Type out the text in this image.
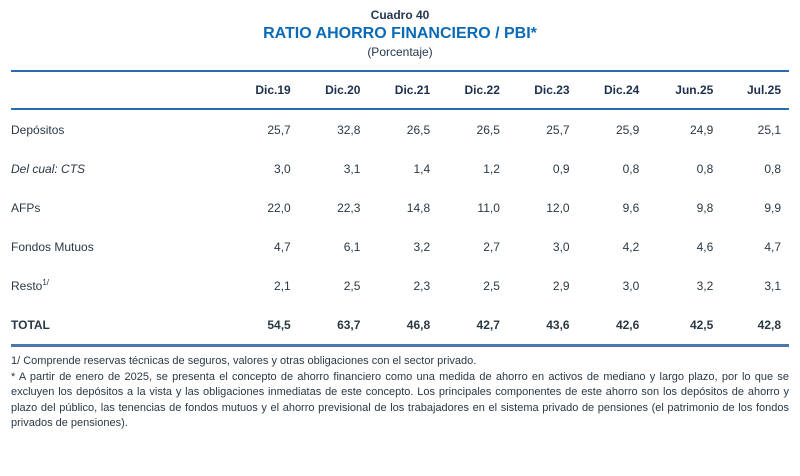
Cuadro 40
RATIO AHORRO FINANCIERO / PBI*
(Porcentaje)
	Dic.19	Dic.20	Dic.21	Dic.22	Dic.23	Dic.24	Jun.25	Jul.25
Depósitos	25,7	32,8	26,5	26,5	25,7	25,9	24,9	25,1
Del cual: CTS	3,0	3,1	1,4	1,2	0,9	0,8	0,8	0,8
AFPs	22,0	22,3	14,8	11,0	12,0	9,6	9,8	9,9
Fondos Mutuos	4,7	6,1	3,2	2,7	3,0	4,2	4,6	4,7
Resto$^{1/}$	2,1	2,5	2,3	2,5	2,9	3,0	3,2	3,1
TOTAL	54,5	63,7	46,8	42,7	43,6	42,6	42,5	42,8

1/ Comprende reservas técnicas de seguros, valores y otras obligaciones con el sector privado.

* A partir de enero de 2025, se presenta el concepto de ahorro financiero como una medida de ahorro en activos de mediano y largo plazo, por lo que se excluyen los depósitos a la vista y las obligaciones inmediatas de este concepto. Los principales componentes de este ahorro son los depósitos de ahorro y plazo del público, las tenencias de fondos mutuos y el ahorro previsional de los trabajadores en el sistema privado de pensiones (el patrimonio de los fondos privados de pensiones).
